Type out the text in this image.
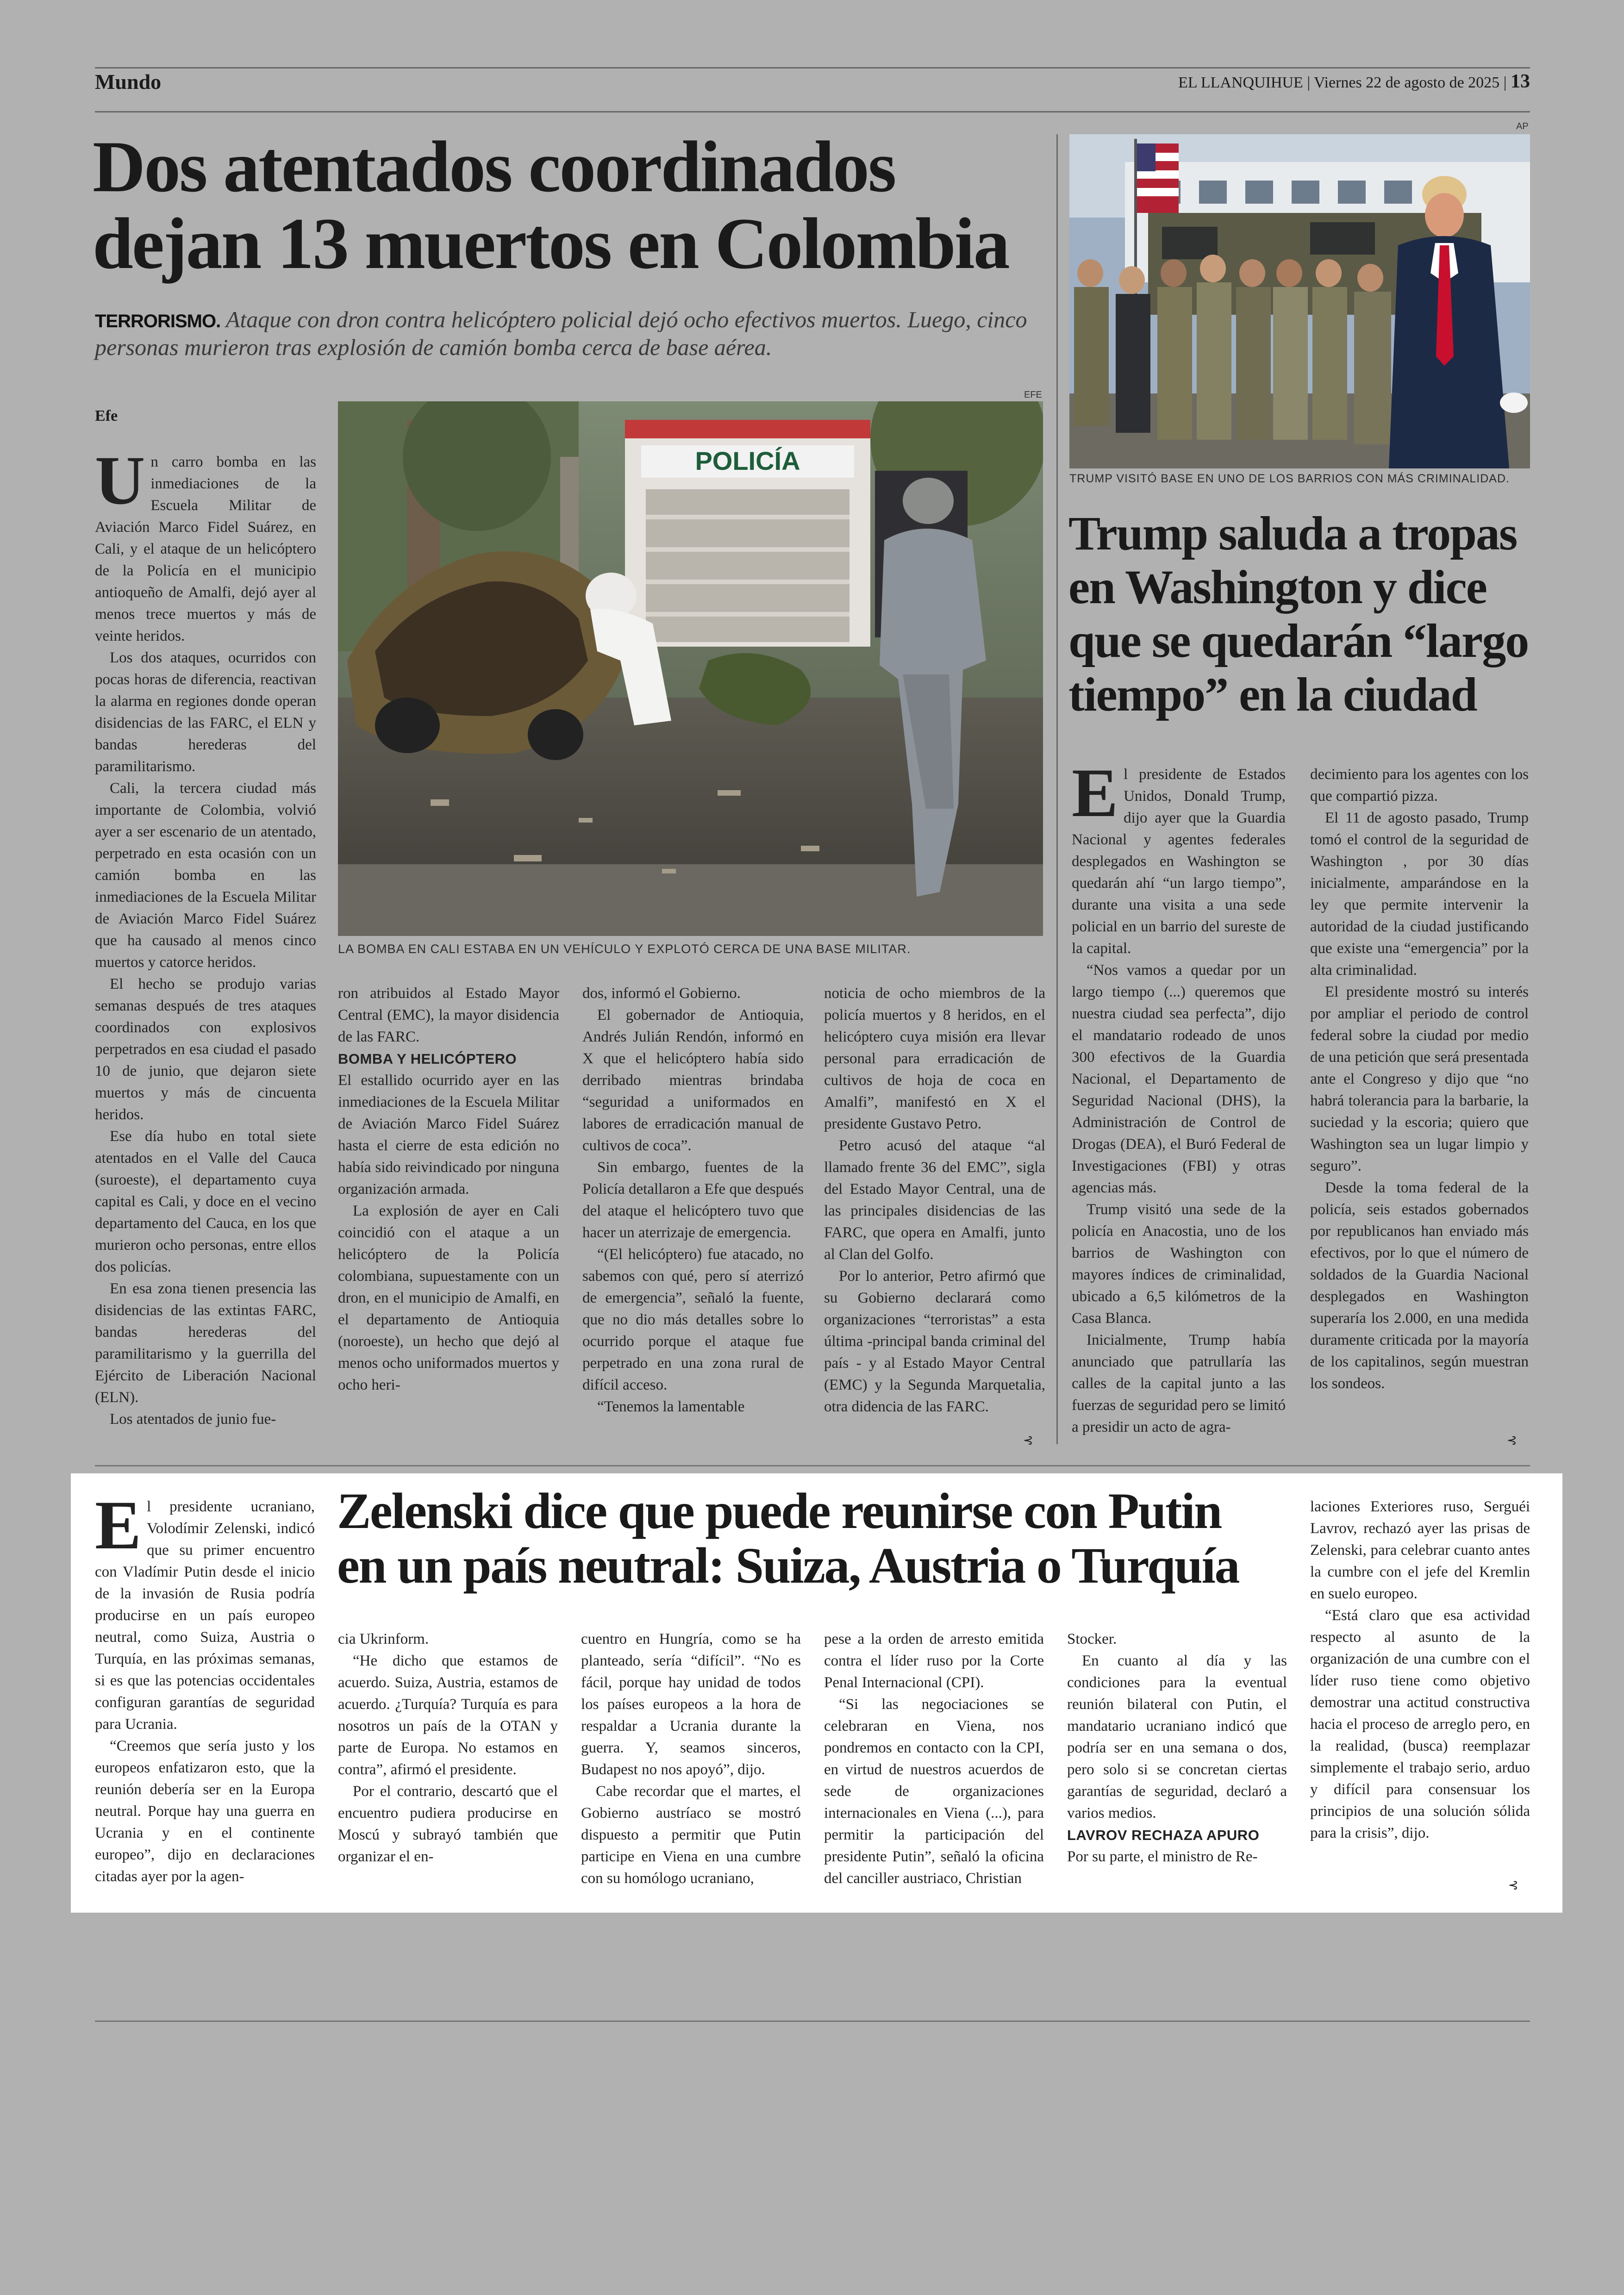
Mundo	EL LLANQUIHUE | Viernes 22 de agosto de 2025 | 13
Dos atentados coordinados
dejan 13 muertos en Colombia
TERRORISMO. Ataque con dron contra helicóptero policial dejó ocho efectivos muertos. Luego, cinco personas murieron tras explosión de camión bomba cerca de base aérea.
Efe
EFE
POLICÍA
LA BOMBA EN CALI ESTABA EN UN VEHÍCULO Y EXPLOTÓ CERCA DE UNA BASE MILITAR.

Un carro bomba en las inmediaciones de la Escuela Militar de Aviación Marco Fidel Suárez, en Cali, y el ataque de un helicóptero de la Policía en el municipio antioqueño de Amalfi, dejó ayer al menos trece muertos y más de veinte heridos.

Los dos ataques, ocurridos con pocas horas de diferencia, reactivan la alarma en regiones donde operan disidencias de las FARC, el ELN y bandas herederas del paramilitarismo.

Cali, la tercera ciudad más importante de Colombia, volvió ayer a ser escenario de un atentado, perpetrado en esta ocasión con un camión bomba en las inmediaciones de la Escuela Militar de Aviación Marco Fidel Suárez que ha causado al menos cinco muertos y catorce heridos.

El hecho se produjo varias semanas después de tres ataques coordinados con explosivos perpetrados en esa ciudad el pasado 10 de junio, que dejaron siete muertos y más de cincuenta heridos.

Ese día hubo en total siete atentados en el Valle del Cauca (suroeste), el departamento cuya capital es Cali, y doce en el vecino departamento del Cauca, en los que murieron ocho personas, entre ellos dos policías.

En esa zona tienen presencia las disidencias de las extintas FARC, bandas herederas del paramilitarismo y la guerrilla del Ejército de Liberación Nacional (ELN).

Los atentados de junio fue-

ron atribuidos al Estado Mayor Central (EMC), la mayor disidencia de las FARC.

BOMBA Y HELICÓPTERO

El estallido ocurrido ayer en las inmediaciones de la Escuela Militar de Aviación Marco Fidel Suárez hasta el cierre de esta edición no había sido reivindicado por ninguna organización armada.

La explosión de ayer en Cali coincidió con el ataque a un helicóptero de la Policía colombiana, supuestamente con un dron, en el municipio de Amalfi, en el departamento de Antioquia (noroeste), un hecho que dejó al menos ocho uniformados muertos y ocho heri-

dos, informó el Gobierno.

El gobernador de Antioquia, Andrés Julián Rendón, informó en X que el helicóptero había sido derribado mientras brindaba “seguridad a uniformados en labores de erradicación manual de cultivos de coca”.

Sin embargo, fuentes de la Policía detallaron a Efe que después del ataque el helicóptero tuvo que hacer un aterrizaje de emergencia.

“(El helicóptero) fue atacado, no sabemos con qué, pero sí aterrizó de emergencia”, señaló la fuente, que no dio más detalles sobre lo ocurrido porque el ataque fue perpetrado en una zona rural de difícil acceso.

“Tenemos la lamentable

noticia de ocho miembros de la policía muertos y 8 heridos, en el helicóptero cuya misión era llevar personal para erradicación de cultivos de hoja de coca en Amalfi”, manifestó en X el presidente Gustavo Petro.

Petro acusó del ataque “al llamado frente 36 del EMC”, sigla del Estado Mayor Central, una de las principales disidencias de las FARC, que opera en Amalfi, junto al Clan del Golfo.

Por lo anterior, Petro afirmó que su Gobierno declarará como organizaciones “terroristas” a esta última -principal banda criminal del país - y al Estado Mayor Central (EMC) y la Segunda Marquetalia, otra didencia de las FARC.

⊰
AP
TRUMP VISITÓ BASE EN UNO DE LOS BARRIOS CON MÁS CRIMINALIDAD.
Trump saluda a tropas
en Washington y dice
que se quedarán “largo
tiempo” en la ciudad

El presidente de Estados Unidos, Donald Trump, dijo ayer que la Guardia Nacional y agentes federales desplegados en Washington se quedarán ahí “un largo tiempo”, durante una visita a una sede policial en un barrio del sureste de la capital.

“Nos vamos a quedar por un largo tiempo (...) queremos que nuestra ciudad sea perfecta”, dijo el mandatario rodeado de unos 300 efectivos de la Guardia Nacional, el Departamento de Seguridad Nacional (DHS), la Administración de Control de Drogas (DEA), el Buró Federal de Investigaciones (FBI) y otras agencias más.

Trump visitó una sede de la policía en Anacostia, uno de los barrios de Washington con mayores índices de criminalidad, ubicado a 6,5 kilómetros de la Casa Blanca.

Inicialmente, Trump había anunciado que patrullaría las calles de la capital junto a las fuerzas de seguridad pero se limitó a presidir un acto de agra-

decimiento para los agentes con los que compartió pizza.

El 11 de agosto pasado, Trump tomó el control de la seguridad de Washington , por 30 días inicialmente, amparándose en la ley que permite intervenir la autoridad de la ciudad justificando que existe una “emergencia” por la alta criminalidad.

El presidente mostró su interés por ampliar el periodo de control federal sobre la ciudad por medio de una petición que será presentada ante el Congreso y dijo que “no habrá tolerancia para la barbarie, la suciedad y la escoria; quiero que Washington sea un lugar limpio y seguro”.

Desde la toma federal de la policía, seis estados gobernados por republicanos han enviado más efectivos, por lo que el número de soldados de la Guardia Nacional desplegados en Washington superaría los 2.000, en una medida duramente criticada por la mayoría de los capitalinos, según muestran los sondeos.

⊰

El presidente ucraniano, Volodímir Zelenski, indicó que su primer encuentro con Vladímir Putin desde el inicio de la invasión de Rusia podría producirse en un país europeo neutral, como Suiza, Austria o Turquía, en las próximas semanas, si es que las potencias occidentales configuran garantías de seguridad para Ucrania.

“Creemos que sería justo y los europeos enfatizaron esto, que la reunión debería ser en la Europa neutral. Porque hay una guerra en Ucrania y en el continente europeo”, dijo en declaraciones citadas ayer por la agen-

Zelenski dice que puede reunirse con Putin
en un país neutral: Suiza, Austria o Turquía

cia Ukrinform.

“He dicho que estamos de acuerdo. Suiza, Austria, estamos de acuerdo. ¿Turquía? Turquía es para nosotros un país de la OTAN y parte de Europa. No estamos en contra”, afirmó el presidente.

Por el contrario, descartó que el encuentro pudiera producirse en Moscú y subrayó también que organizar el en-

cuentro en Hungría, como se ha planteado, sería “difícil”. “No es fácil, porque hay unidad de todos los países europeos a la hora de respaldar a Ucrania durante la guerra. Y, seamos sinceros, Budapest no nos apoyó”, dijo.

Cabe recordar que el martes, el Gobierno austríaco se mostró dispuesto a permitir que Putin participe en Viena en una cumbre con su homólogo ucraniano,

pese a la orden de arresto emitida contra el líder ruso por la Corte Penal Internacional (CPI).

“Si las negociaciones se celebraran en Viena, nos pondremos en contacto con la CPI, en virtud de nuestros acuerdos de sede de organizaciones internacionales en Viena (...), para permitir la participación del presidente Putin”, señaló la oficina del canciller austriaco, Christian

Stocker.

En cuanto al día y las condiciones para la eventual reunión bilateral con Putin, el mandatario ucraniano indicó que podría ser en una semana o dos, pero solo si se concretan ciertas garantías de seguridad, declaró a varios medios.

LAVROV RECHAZA APURO

Por su parte, el ministro de Re-

laciones Exteriores ruso, Serguéi Lavrov, rechazó ayer las prisas de Zelenski, para celebrar cuanto antes la cumbre con el jefe del Kremlin en suelo europeo.

“Está claro que esa actividad respecto al asunto de la organización de una cumbre con el líder ruso tiene como objetivo demostrar una actitud constructiva hacia el proceso de arreglo pero, en la realidad, (busca) reemplazar simplemente el trabajo serio, arduo y difícil para consensuar los principios de una solución sólida para la crisis”, dijo.

⊰
